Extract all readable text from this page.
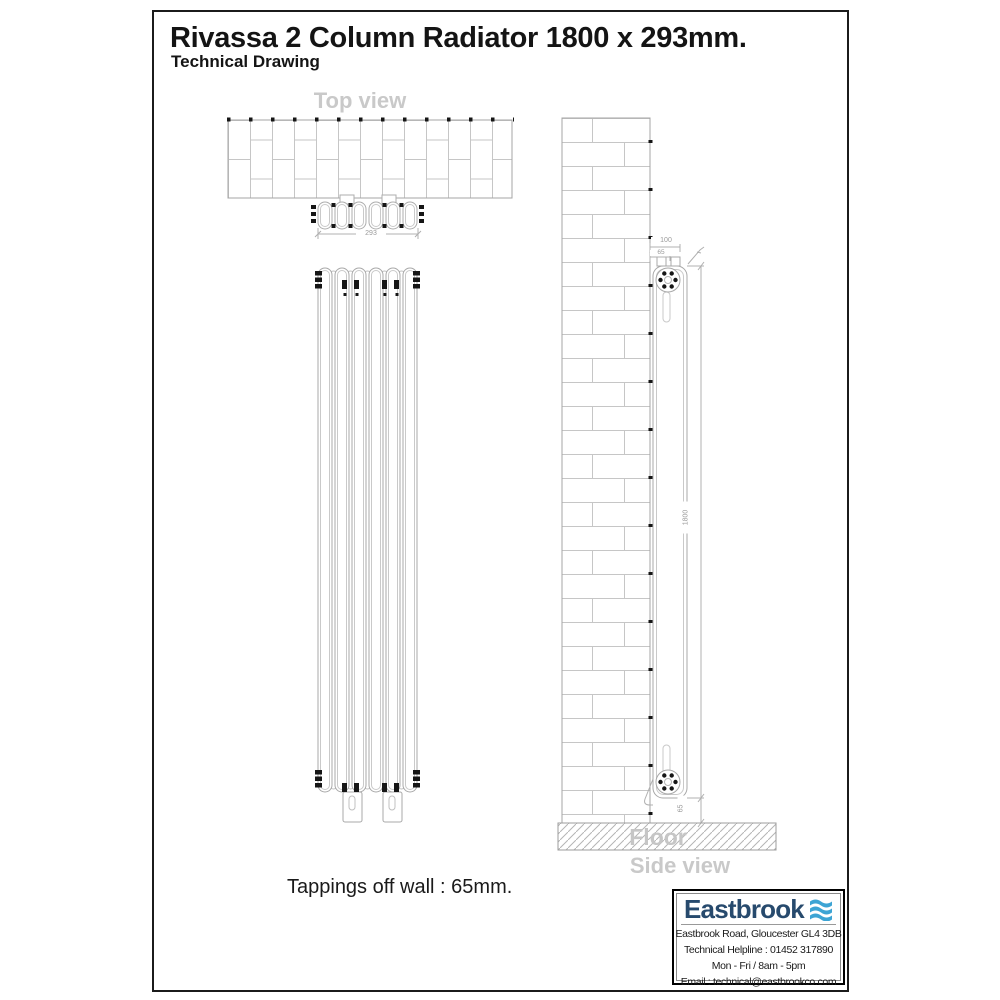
Rivassa 2 Column Radiator 1800 x 293mm.
Technical Drawing
Top view
Floor
Side view
293
100
65
1800
65
Tappings off wall : 65mm.
Eastbrook
Eastbrook Road, Gloucester GL4 3DB
Technical Helpline : 01452 317890
Mon - Fri / 8am - 5pm
Email : technical@eastbrookco.com
